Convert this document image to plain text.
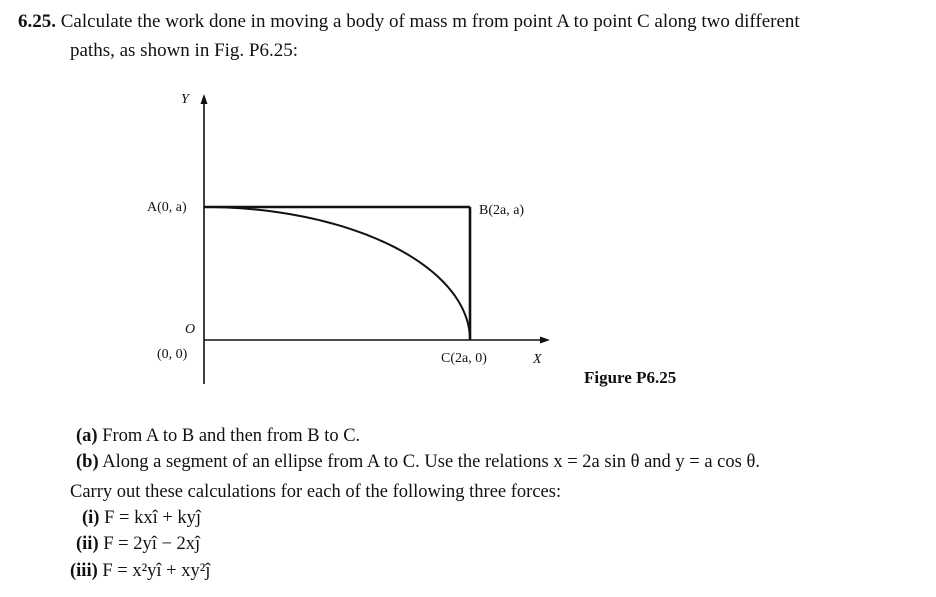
6.25. Calculate the work done in moving a body of mass m from point A to point C along two different
paths, as shown in Fig. P6.25:
Y
X
O
(0, 0)
A(0, a)	B(2a, a)
C(2a, 0)
Figure P6.25
(a) From A to B and then from B to C.
(b) Along a segment of an ellipse from A to C. Use the relations x = 2a sin θ and y = a cos θ.
Carry out these calculations for each of the following three forces:
(i) F = kxî + kyĵ
(ii) F = 2yî − 2xĵ
(iii) F = x²yî + xy²ĵ
